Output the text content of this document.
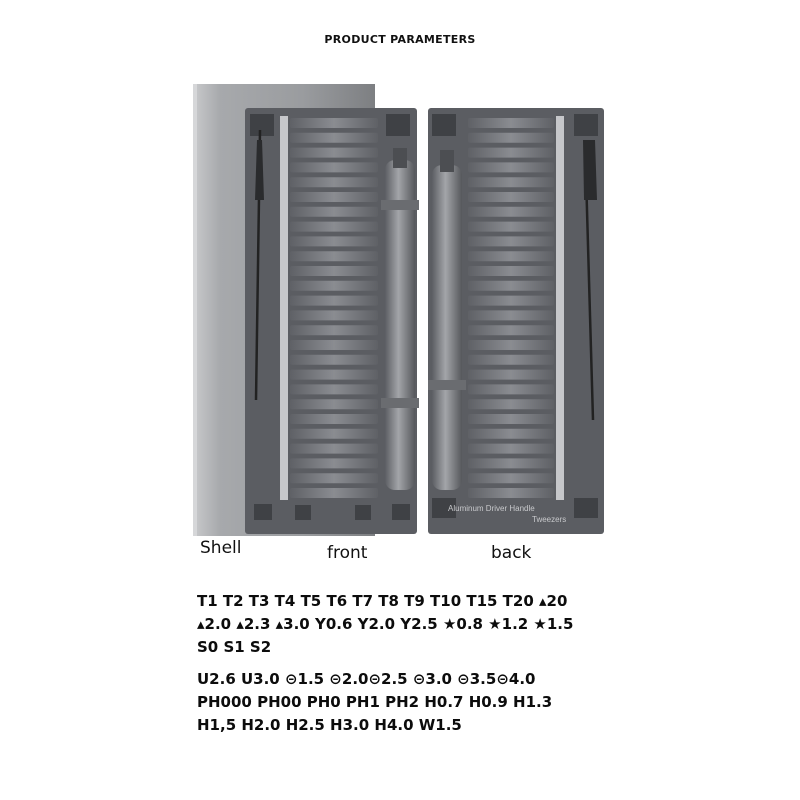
PRODUCT PARAMETERS
Aluminum Driver Handle
Tweezers
Shell	front	back
T1 T2 T3 T4 T5 T6 T7 T8 T9 T10 T15 T20 ▴20
▴2.0 ▴2.3 ▴3.0 Y0.6 Y2.0 Y2.5 ★0.8 ★1.2 ★1.5
S0 S1 S2
U2.6 U3.0 ⊝1.5 ⊝2.0⊝2.5 ⊝3.0 ⊝3.5⊝4.0
PH000 PH00 PH0 PH1 PH2 H0.7 H0.9 H1.3
H1,5 H2.0 H2.5 H3.0 H4.0 W1.5
